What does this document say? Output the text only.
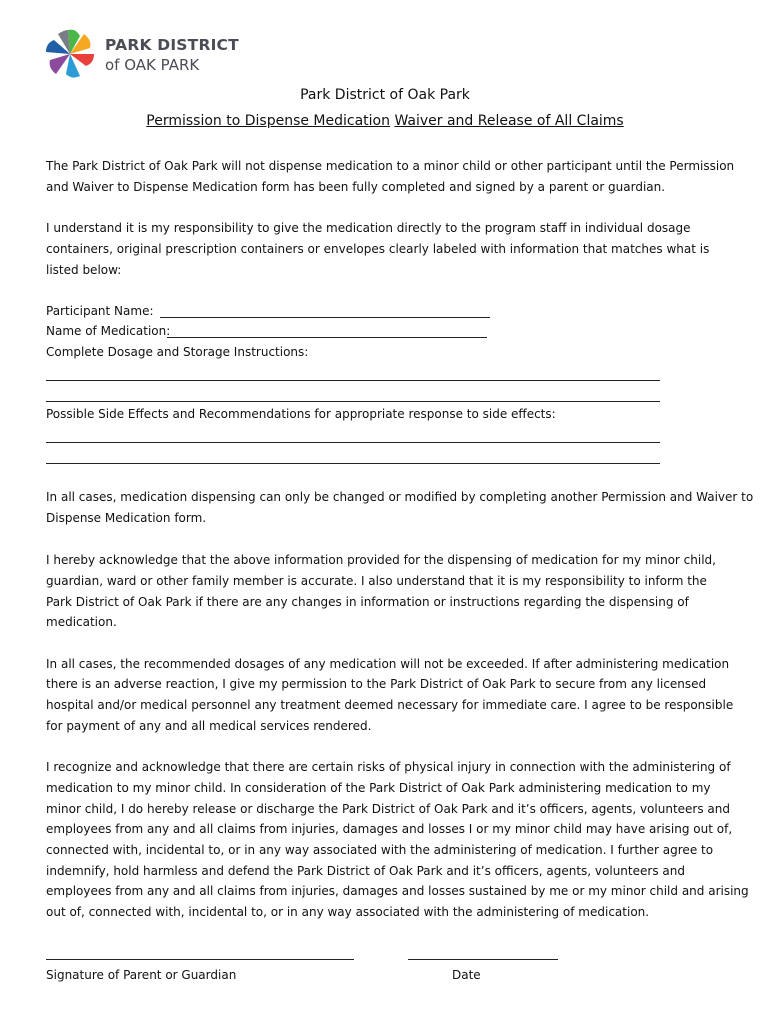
PARK DISTRICT
of OAK PARK
Park District of Oak Park
Permission to Dispense Medication Waiver and Release of All Claims
The Park District of Oak Park will not dispense medication to a minor child or other participant until the Permission
and Waiver to Dispense Medication form has been fully completed and signed by a parent or guardian.
I understand it is my responsibility to give the medication directly to the program staff in individual dosage
containers, original prescription containers or envelopes clearly labeled with information that matches what is
listed below:
Participant Name:
Name of Medication:
Complete Dosage and Storage Instructions:
Possible Side Effects and Recommendations for appropriate response to side effects:
In all cases, medication dispensing can only be changed or modified by completing another Permission and Waiver to
Dispense Medication form.
I hereby acknowledge that the above information provided for the dispensing of medication for my minor child,
guardian, ward or other family member is accurate. I also understand that it is my responsibility to inform the
Park District of Oak Park if there are any changes in information or instructions regarding the dispensing of
medication.
In all cases, the recommended dosages of any medication will not be exceeded. If after administering medication
there is an adverse reaction, I give my permission to the Park District of Oak Park to secure from any licensed
hospital and/or medical personnel any treatment deemed necessary for immediate care. I agree to be responsible
for payment of any and all medical services rendered.
I recognize and acknowledge that there are certain risks of physical injury in connection with the administering of
medication to my minor child. In consideration of the Park District of Oak Park administering medication to my
minor child, I do hereby release or discharge the Park District of Oak Park and it’s officers, agents, volunteers and
employees from any and all claims from injuries, damages and losses I or my minor child may have arising out of,
connected with, incidental to, or in any way associated with the administering of medication. I further agree to
indemnify, hold harmless and defend the Park District of Oak Park and it’s officers, agents, volunteers and
employees from any and all claims from injuries, damages and losses sustained by me or my minor child and arising
out of, connected with, incidental to, or in any way associated with the administering of medication.
Signature of Parent or Guardian	Date
